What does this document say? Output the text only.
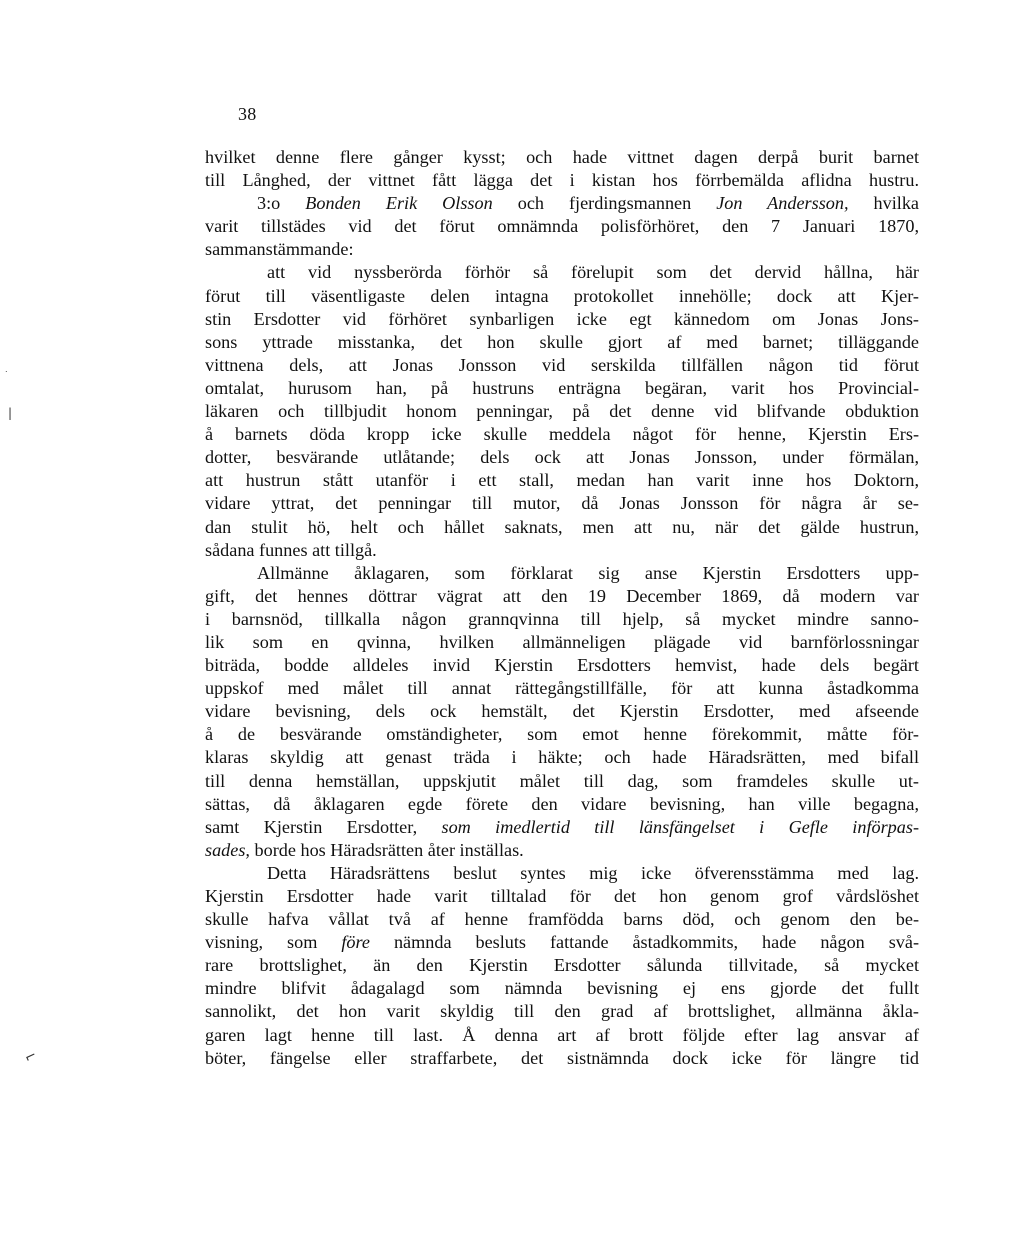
38
hvilket denne flere gånger kysst; och hade vittnet dagen derpå burit barnet
till Långhed, der vittnet fått lägga det i kistan hos förrbemälda aflidna hustru.
3:o Bonden Erik Olsson och fjerdingsmannen Jon Andersson, hvilka
varit tillstädes vid det förut omnämnda polisförhöret, den 7 Januari 1870,
sammanstämmande:
att vid nyssberörda förhör så förelupit som det dervid hållna, här
förut till väsentligaste delen intagna protokollet innehölle; dock att Kjer-
stin Ersdotter vid förhöret synbarligen icke egt kännedom om Jonas Jons-
sons yttrade misstanka, det hon skulle gjort af med barnet; tilläggande
vittnena dels, att Jonas Jonsson vid serskilda tillfällen någon tid förut
omtalat, hurusom han, på hustruns enträgna begäran, varit hos Provincial-
läkaren och tillbjudit honom penningar, på det denne vid blifvande obduktion
å barnets döda kropp icke skulle meddela något för henne, Kjerstin Ers-
dotter, besvärande utlåtande; dels ock att Jonas Jonsson, under förmälan,
att hustrun stått utanför i ett stall, medan han varit inne hos Doktorn,
vidare yttrat, det penningar till mutor, då Jonas Jonsson för några år se-
dan stulit hö, helt och hållet saknats, men att nu, när det gälde hustrun,
sådana funnes att tillgå.
Allmänne åklagaren, som förklarat sig anse Kjerstin Ersdotters upp-
gift, det hennes döttrar vägrat att den 19 December 1869, då modern var
i barnsnöd, tillkalla någon grannqvinna till hjelp, så mycket mindre sanno-
lik som en qvinna, hvilken allmänneligen plägade vid barnförlossningar
biträda, bodde alldeles invid Kjerstin Ersdotters hemvist, hade dels begärt
uppskof med målet till annat rättegångstillfälle, för att kunna åstadkomma
vidare bevisning, dels ock hemstält, det Kjerstin Ersdotter, med afseende
å de besvärande omständigheter, som emot henne förekommit, måtte för-
klaras skyldig att genast träda i häkte; och hade Häradsrätten, med bifall
till denna hemställan, uppskjutit målet till dag, som framdeles skulle ut-
sättas, då åklagaren egde förete den vidare bevisning, han ville begagna,
samt Kjerstin Ersdotter, som imedlertid till länsfängelset i Gefle införpas-
sades, borde hos Häradsrätten åter inställas.
Detta Häradsrättens beslut syntes mig icke öfverensstämma med lag.
Kjerstin Ersdotter hade varit tilltalad för det hon genom grof vårdslöshet
skulle hafva vållat två af henne framfödda barns död, och genom den be-
visning, som före nämnda besluts fattande åstadkommits, hade någon svå-
rare brottslighet, än den Kjerstin Ersdotter sålunda tillvitade, så mycket
mindre blifvit ådagalagd som nämnda bevisning ej ens gjorde det fullt
sannolikt, det hon varit skyldig till den grad af brottslighet, allmänna åkla-
garen lagt henne till last. Å denna art af brott följde efter lag ansvar af
böter, fängelse eller straffarbete, det sistnämnda dock icke för längre tid
.
|
⌐
